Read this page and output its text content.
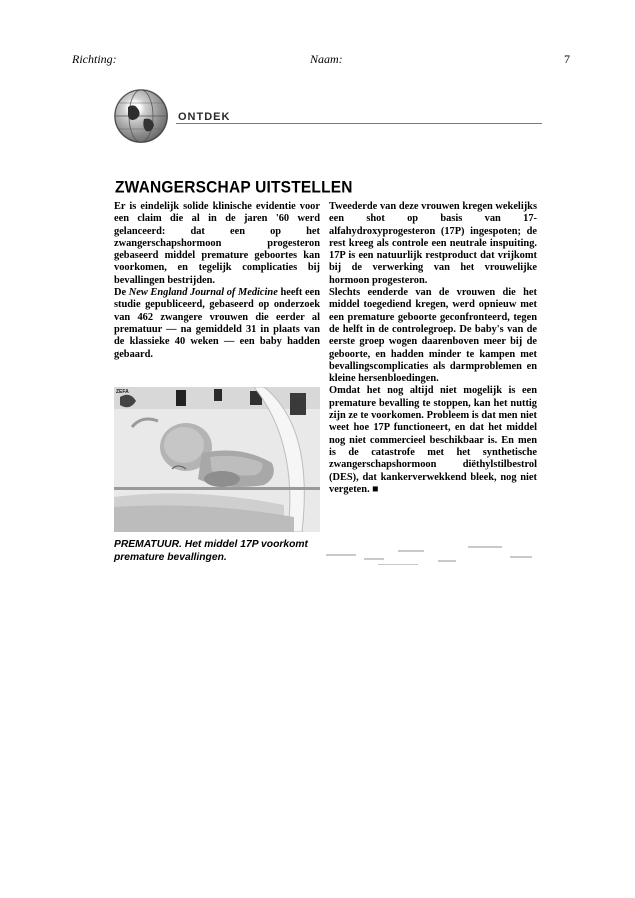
Richting:	Naam:	7
ONTDEK
ZWANGERSCHAP UITSTELLEN

Er is eindelijk solide klinische evidentie voor een claim die al in de jaren '60 werd gelanceerd: dat een op het zwangerschapshormoon progesteron gebaseerd middel premature geboortes kan voorkomen, en tegelijk complicaties bij bevallingen bestrijden.

De New England Journal of Medicine heeft een studie gepubliceerd, gebaseerd op onderzoek van 462 zwangere vrouwen die eerder al prematuur — na gemiddeld 31 in plaats van de klassieke 40 weken — een baby hadden gebaard.

ZEFA
PREMATUUR. Het middel 17P voorkomt premature bevallingen.

Tweederde van deze vrouwen kregen wekelijks een shot op basis van 17-alfahydroxyprogesteron (17P) ingespoten; de rest kreeg als controle een neutrale inspuiting. 17P is een natuurlijk restproduct dat vrijkomt bij de verwerking van het vrouwelijke hormoon progesteron.

Slechts eenderde van de vrouwen die het middel toegediend kregen, werd opnieuw met een premature geboorte geconfronteerd, tegen de helft in de controlegroep. De baby's van de eerste groep wogen daarenboven meer bij de geboorte, en hadden minder te kampen met bevallingscomplicaties als darmproblemen en kleine hersenbloedingen.

Omdat het nog altijd niet mogelijk is een premature bevalling te stoppen, kan het nuttig zijn ze te voorkomen. Probleem is dat men niet weet hoe 17P functioneert, en dat het middel nog niet commercieel beschikbaar is. En men is de catastrofe met het synthetische zwangerschapshormoon diëthylstilbestrol (DES), dat kankerverwekkend bleek, nog niet vergeten. ■
